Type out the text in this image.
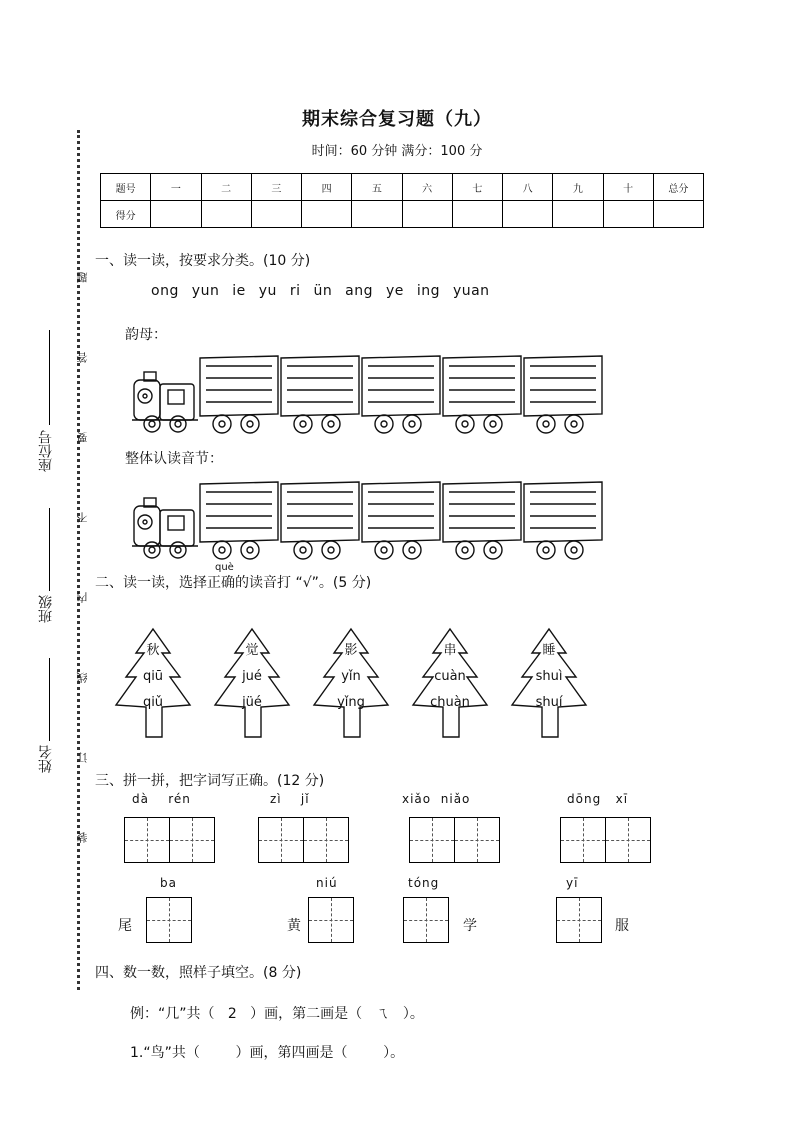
期末综合复习题（九）
时间：60 分钟 满分：100 分
题号	一	二	三	四	五	六	七	八	九	十	总分
得分											
题
答
要
不
内
线
订
装
座位号
班级
姓名
一、读一读，按要求分类。(10 分)
ong yun ie yu ri ün ang ye ing yuan
韵母：
整体认读音节：
二、读一读，选择正确
què
的读音打 “√”。(5 分)
秋
qiū
qiǔ
觉
jué
jüé
影
yǐn
yǐng
串
cuàn
chuàn
睡
shuì
shuí
三、拼一拼，把字词写正确。(12 分)
dà    rén	zì    jǐ	xiǎo  niǎo	dōng   xī
ba
尾
niú
黄
tóng
学
yī
服
四、数一数，照样子填空。(8 分)
例：“几”共（   2   ）画，第二画是（   ㄟ   ）。
1.“鸟”共（        ）画，第四画是（        ）。
